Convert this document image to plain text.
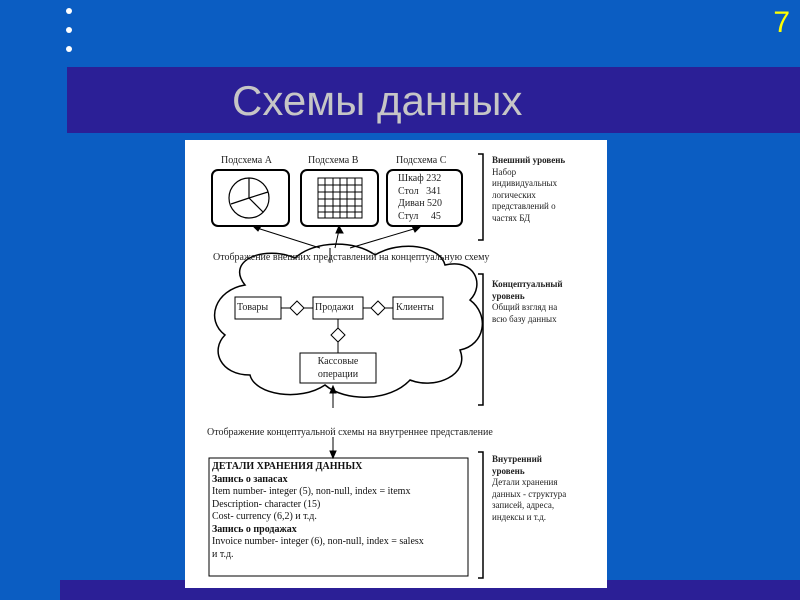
7
Схемы данных
Подсхема A	Подсхема B	Подсхема C
Шкаф 232
Стол   341
Диван 520
Стул     45
Отображение внешних представлений на концептуальную схему
Товары	Продажи	Клиенты
Кассовые
операции
Отображение концептуальной схемы на внутреннее представление
ДЕТАЛИ ХРАНЕНИЯ ДАННЫХ
Запись о запасах
Item number- integer (5), non-null, index = itemx
Description- character (15)
Cost- currency (6,2) и т.д.
Запись о продажах
Invoice number- integer (6), non-null, index = salesx
и т.д.
Внешний уровень
Набор
индивидуальных
логических
представлений о
частях БД
Концептуальный
уровень
Общий взгляд на
всю базу данных
Внутренний
уровень
Детали хранения
данных - структура
записей, адреса,
индексы и т.д.
